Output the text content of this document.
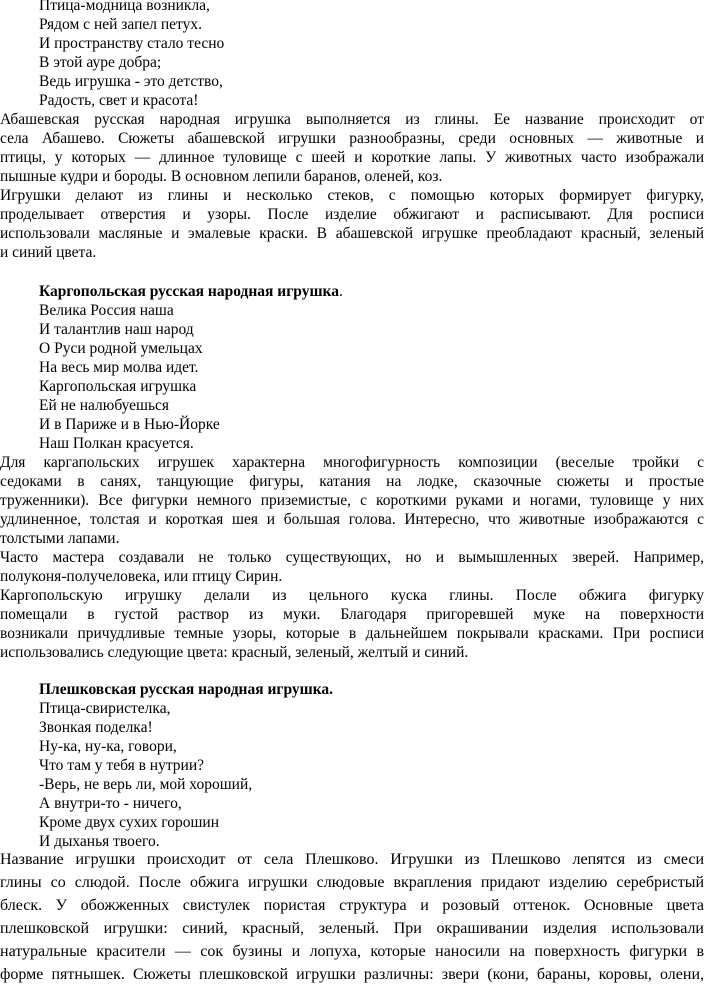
Птица-модница возникла,
Рядом с ней запел петух.
И пространству стало тесно
В этой ауре добра;
Ведь игрушка - это детство,
Радость, свет и красота!
Абашевская русская народная игрушка выполняется из глины. Ее название происходит от
села Абашево. Сюжеты абашевской игрушки разнообразны, среди основных — животные и
птицы, у которых — длинное туловище с шеей и короткие лапы. У животных часто изображали
пышные кудри и бороды. В основном лепили баранов, оленей, коз.
Игрушки делают из глины и несколько стеков, с помощью которых формирует фигурку,
проделывает отверстия и узоры. После изделие обжигают и расписывают. Для росписи
использовали масляные и эмалевые краски. В абашевской игрушке преобладают красный, зеленый
и синий цвета.
Каргопольская русская народная игрушка.
Велика Россия наша
И талантлив наш народ
О Руси родной умельцах
На весь мир молва идет.
Каргопольская игрушка
Ей не налюбуешься
И в Париже и в Нью-Йорке
Наш Полкан красуется.
Для каргапольских игрушек характерна многофигурность композиции (веселые тройки с
седоками в санях, танцующие фигуры, катания на лодке, сказочные сюжеты и простые
труженники). Все фигурки немного приземистые, с короткими руками и ногами, туловище у них
удлиненное, толстая и короткая шея и большая голова. Интересно, что животные изображаются с
толстыми лапами.
Часто мастера создавали не только существующих, но и вымышленных зверей. Например,
полуконя-получеловека, или птицу Сирин.
Каргопольскую игрушку делали из цельного куска глины. После обжига фигурку
помещали в густой раствор из муки. Благодаря пригоревшей муке на поверхности
возникали причудливые темные узоры, которые в дальнейшем покрывали красками. При росписи
использовались следующие цвета: красный, зеленый, желтый и синий.
Плешковская русская народная игрушка.
Птица-свиристелка,
Звонкая поделка!
Ну-ка, ну-ка, говори,
Что там у тебя в нутрии?
-Верь, не верь ли, мой хороший,
А внутри-то - ничего,
Кроме двух сухих горошин
И дыханья твоего.
Название игрушки происходит от села Плешково. Игрушки из Плешково лепятся из смеси
глины со слюдой. После обжига игрушки слюдовые вкрапления придают изделию серебристый
блеск. У обожженных свистулек пористая структура и розовый оттенок. Основные цвета
плешковской игрушки: синий, красный, зеленый. При окрашивании изделия использовали
натуральные красители — сок бузины и лопуха, которые наносили на поверхность фигурки в
форме пятнышек. Сюжеты плешковской игрушки различны: звери (кони, бараны, коровы, олени,
